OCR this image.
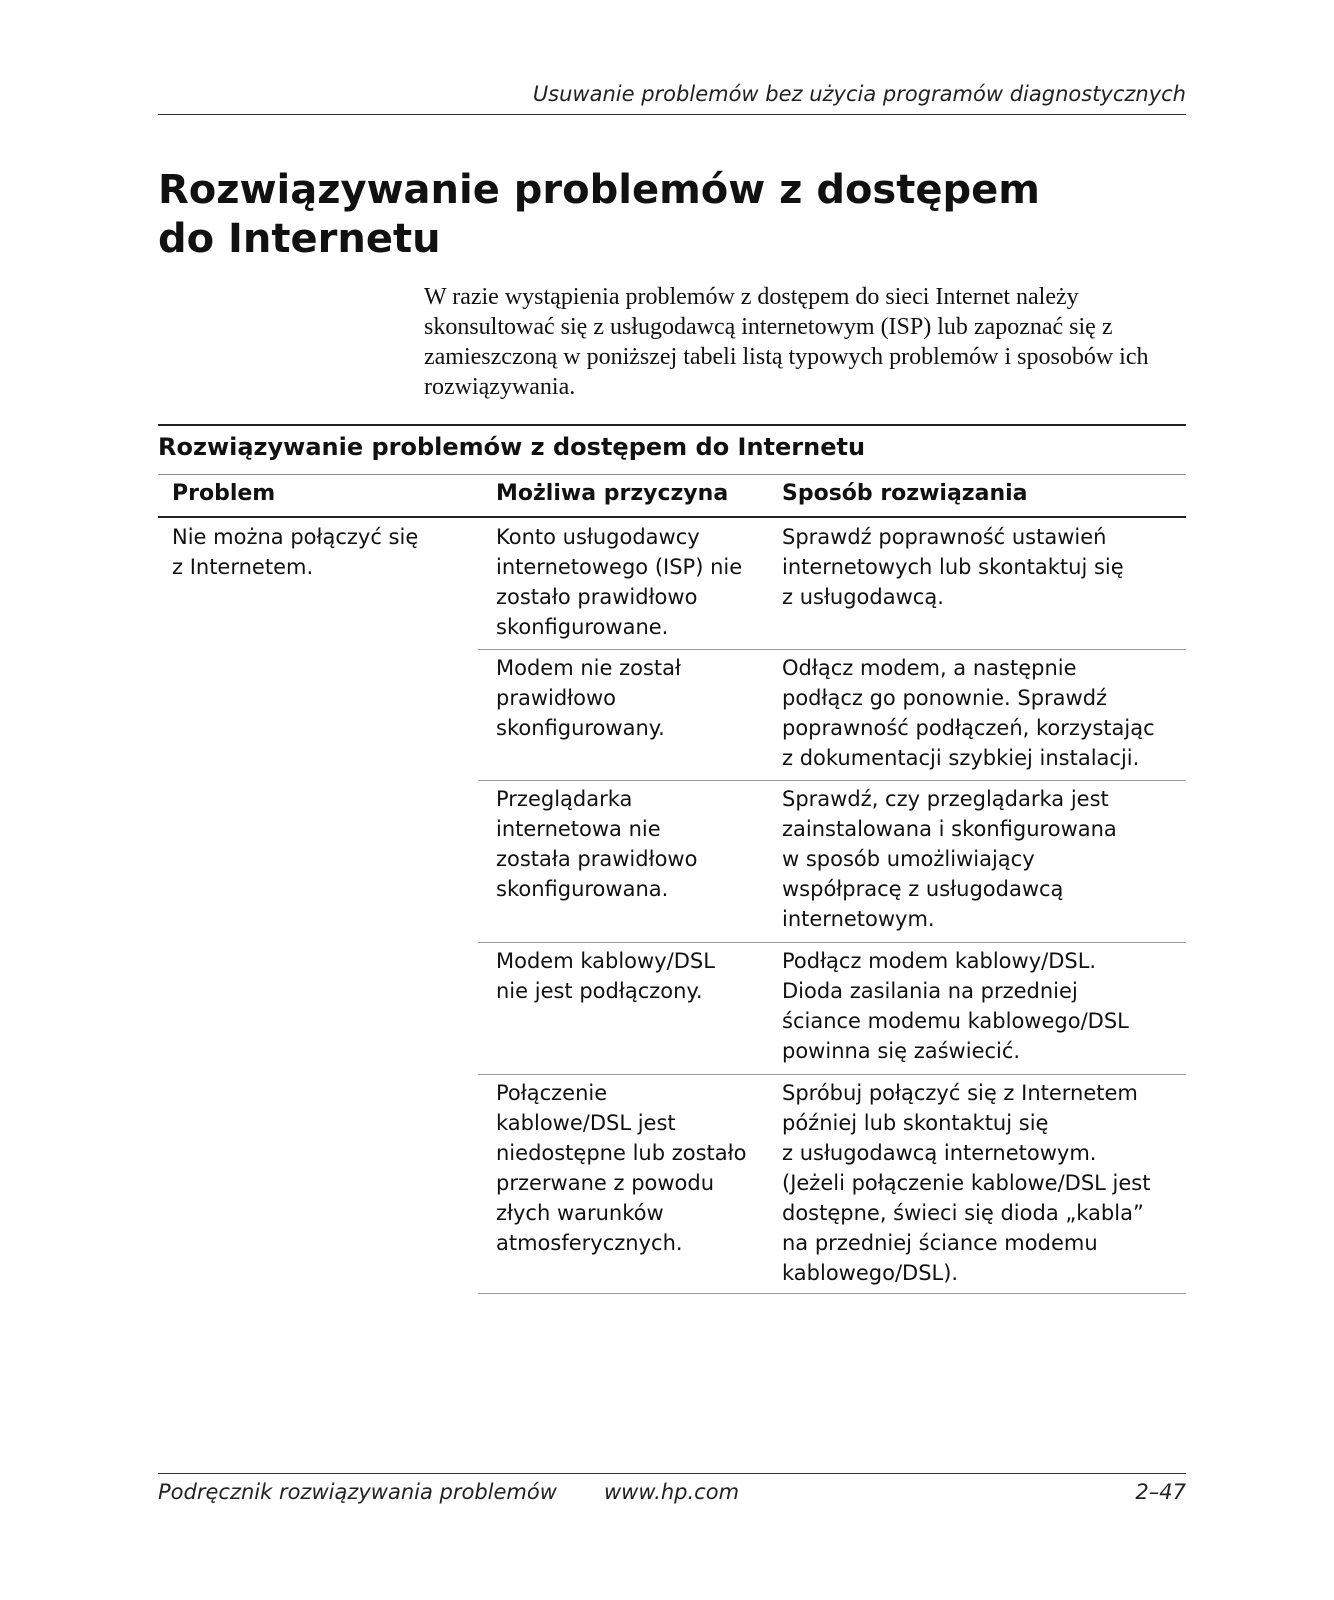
Usuwanie problemów bez użycia programów diagnostycznych
Rozwiązywanie problemów z dostępem
do Internetu

W razie wystąpienia problemów z dostępem do sieci Internet należy skonsultować się z usługodawcą internetowym (ISP) lub zapoznać się z zamieszczoną w poniższej tabeli listą typowych problemów i sposobów ich rozwiązywania.

Rozwiązywanie problemów z dostępem do Internetu
Problem	Możliwa przyczyna Sposób rozwiązania
Nie można połączyć się
z Internetem.
Konto usługodawcy
internetowego (ISP) nie
zostało prawidłowo
skonfigurowane.
Sprawdź poprawność ustawień
internetowych lub skontaktuj się
z usługodawcą.
Modem nie został
prawidłowo
skonfigurowany.
Odłącz modem, a następnie
podłącz go ponownie. Sprawdź
poprawność podłączeń, korzystając
z dokumentacji szybkiej instalacji.
Przeglądarka
internetowa nie
została prawidłowo
skonfigurowana.
Sprawdź, czy przeglądarka jest
zainstalowana i skonfigurowana
w sposób umożliwiający
współpracę z usługodawcą
internetowym.
Modem kablowy/DSL
nie jest podłączony.
Podłącz modem kablowy/DSL.
Dioda zasilania na przedniej
ściance modemu kablowego/DSL
powinna się zaświecić.
Połączenie
kablowe/DSL jest
niedostępne lub zostało
przerwane z powodu
złych warunków
atmosferycznych.
Spróbuj połączyć się z Internetem
później lub skontaktuj się
z usługodawcą internetowym.
(Jeżeli połączenie kablowe/DSL jest
dostępne, świeci się dioda „kabla”
na przedniej ściance modemu
kablowego/DSL).
Podręcznik rozwiązywania problemów www.hp.com	2–47
